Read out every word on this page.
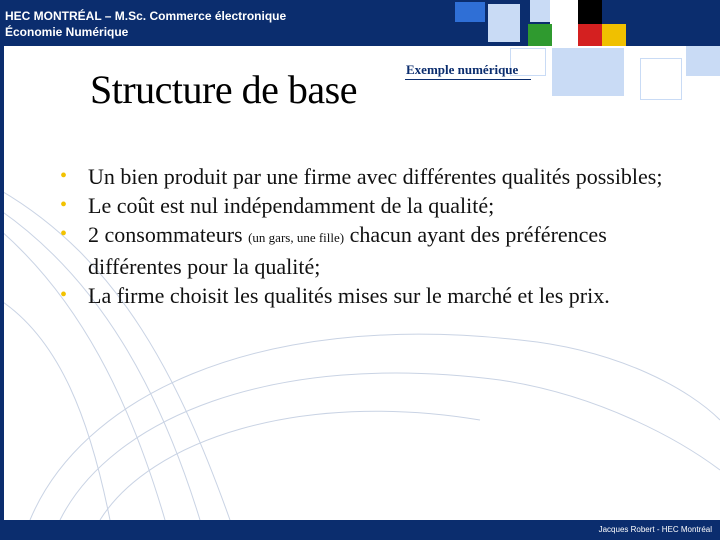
HEC MONTRÉAL – M.Sc. Commerce électronique
Économie Numérique
Structure de base	Exemple numérique
• Un bien produit par une firme avec différentes qualités possibles;
• Le coût est nul indépendamment de la qualité;
• 2 consommateurs (un gars, une fille) chacun ayant des préférences différentes pour la qualité;
• La firme choisit les qualités mises sur le marché et les prix.
Jacques Robert - HEC Montréal
